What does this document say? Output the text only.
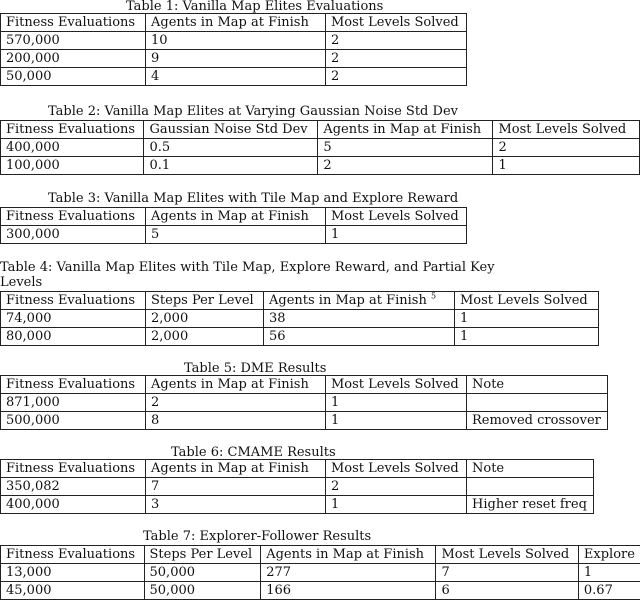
Table 1: Vanilla Map Elites Evaluations
Fitness Evaluations	Agents in Map at Finish	Most Levels Solved
570,000	10	2
200,000	9	2
50,000	4	2
Table 2: Vanilla Map Elites at Varying Gaussian Noise Std Dev
Fitness Evaluations	Gaussian Noise Std Dev	Agents in Map at Finish	Most Levels Solved
400,000	0.5	5	2
100,000	0.1	2	1
Table 3: Vanilla Map Elites with Tile Map and Explore Reward
Fitness Evaluations	Agents in Map at Finish	Most Levels Solved
300,000	5	1
Table 4: Vanilla Map Elites with Tile Map, Explore Reward, and Partial Key Levels
Fitness Evaluations	Steps Per Level	Agents in Map at Finish $^5$	Most Levels Solved
74,000	2,000	38	1
80,000	2,000	56	1
Table 5: DME Results
Fitness Evaluations	Agents in Map at Finish	Most Levels Solved	Note
871,000	2	1	
500,000	8	1	Removed crossover
Table 6: CMAME Results
Fitness Evaluations	Agents in Map at Finish	Most Levels Solved	Note
350,082	7	2	
400,000	3	1	Higher reset freq
Table 7: Explorer-Follower Results
Fitness Evaluations	Steps Per Level	Agents in Map at Finish	Most Levels Solved	Explore
13,000	50,000	277	7	1
45,000	50,000	166	6	0.67
